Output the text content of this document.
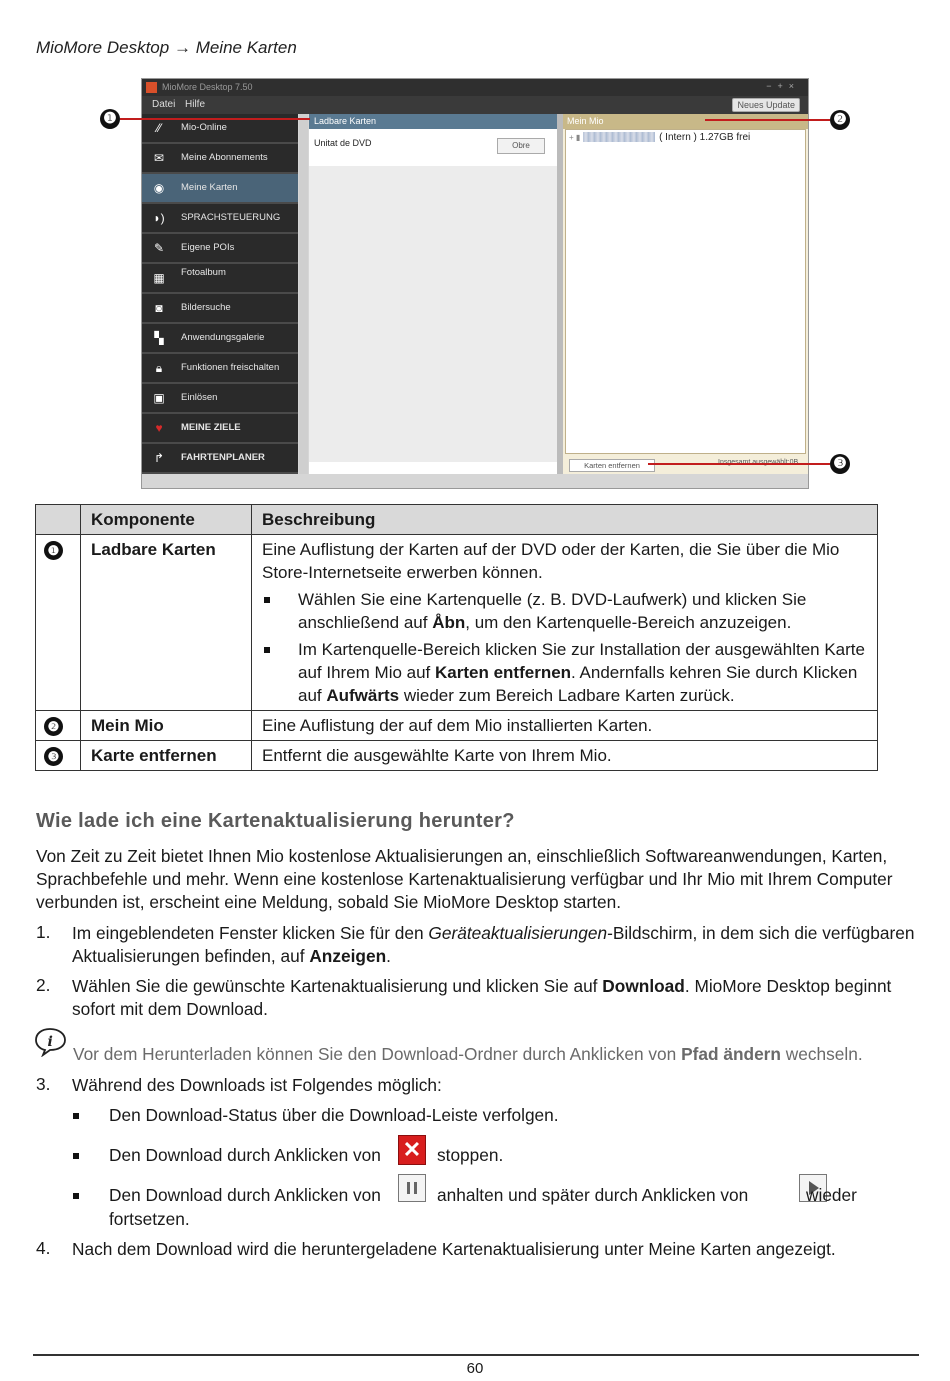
MioMore Desktop → Meine Karten
MioMore Desktop 7.50	−+×
Datei Hilfe	Neues Update
⁄⁄	Mio-Online
✉	Meine Abonnements
◉ Meine Karten
◗) SPRACHSTEUERUNG
✎	Eigene POIs
▦ Fotoalbum
◙	Bildersuche
▚	Anwendungsgalerie
🔒︎	Funktionen freischalten
▣ Einlösen
♥	MEINE ZIELE
↱	FAHRTENPLANER
Ladbare Karten
Unitat de DVD	Obre
Mein Mio
+ ▮	( Intern ) 1.27GB frei
Karten entfernen
❶	❷
❸
	Komponente	Beschreibung
❶	Ladbare Karten	Eine Auflistung der Karten auf der DVD oder der Karten, die Sie über die Mio Store-Internetseite erwerben können.
Wählen Sie eine Kartenquelle (z. B. DVD-Laufwerk) und klicken Sie anschließend auf Åbn, um den Kartenquelle-Bereich anzuzeigen.
Im Kartenquelle-Bereich klicken Sie zur Installation der ausgewählten Karte auf Ihrem Mio auf Karten entfernen. Andernfalls kehren Sie durch Klicken auf Aufwärts wieder zum Bereich Ladbare Karten zurück.

❷	Mein Mio	Eine Auflistung der auf dem Mio installierten Karten.
❸	Karte entfernen	Entfernt die ausgewählte Karte von Ihrem Mio.
Wie lade ich eine Kartenaktualisierung herunter?
Von Zeit zu Zeit bietet Ihnen Mio kostenlose Aktualisierungen an, einschließlich Softwareanwendungen, Karten, Sprachbefehle und mehr. Wenn eine kostenlose Kartenaktualisierung verfügbar und Ihr Mio mit Ihrem Computer verbunden ist, erscheint eine Meldung, sobald Sie MioMore Desktop starten.
1. Im eingeblendeten Fenster klicken Sie für den Geräteaktualisierungen-Bildschirm, in dem sich die verfügbaren Aktualisierungen befinden, auf Anzeigen.
2. Wählen Sie die gewünschte Kartenaktualisierung und klicken Sie auf Download. MioMore Desktop beginnt sofort mit dem Download.
i
Vor dem Herunterladen können Sie den Download-Ordner durch Anklicken von Pfad ändern wechseln.
3. Während des Downloads ist Folgendes möglich:
Den Download-Status über die Download-Leiste verfolgen.
Den Download durch Anklicken von ✕ stoppen.
Den Download durch Anklicken von
	anhalten und später durch Anklicken von	wieder
fortsetzen.
4. Nach dem Download wird die heruntergeladene Kartenaktualisierung unter Meine Karten angezeigt.
60
